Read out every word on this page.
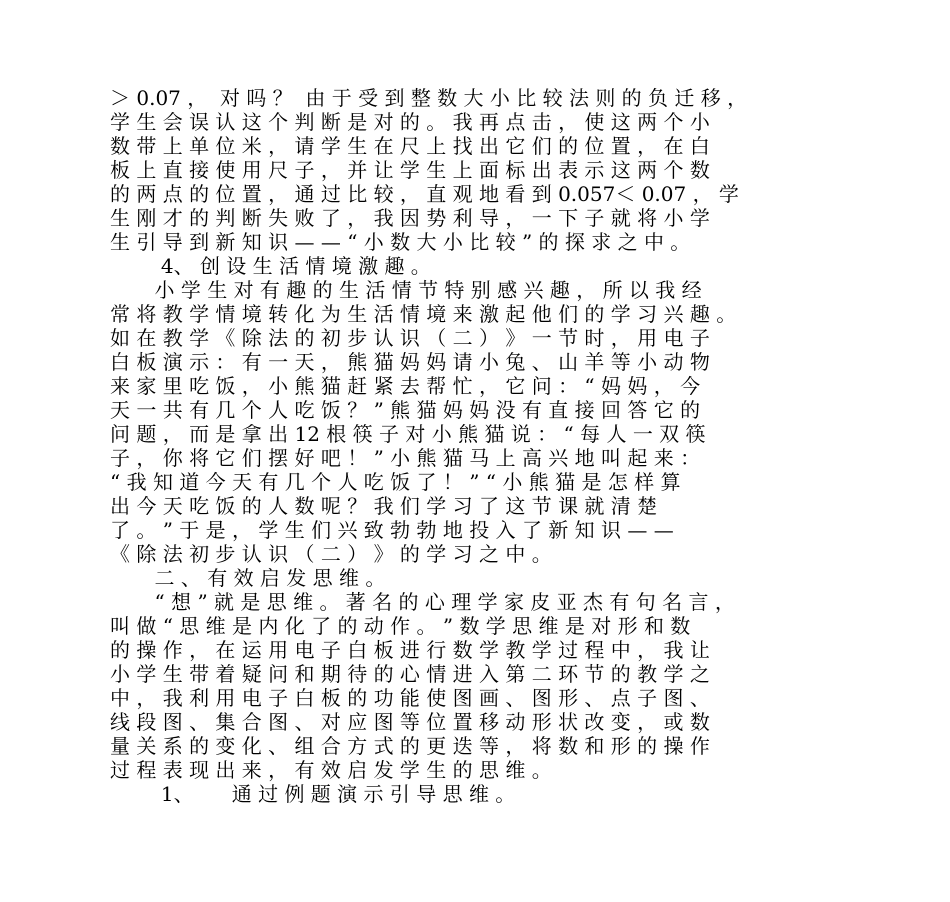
＞ 0.07 ，  对 吗 ？  由 于 受 到 整 数 大 小 比 较 法 则 的 负 迁 移 ，
学 生 会 误 认 这 个 判 断 是 对 的 。 我 再 点 击 ， 使 这 两 个 小
数 带 上 单 位 米 ， 请 学 生 在 尺 上 找 出 它 们 的 位 置 ， 在 白
板 上 直 接 使 用 尺 子 ， 并 让 学 生 上 面 标 出 表 示 这 两 个 数
的 两 点 的 位 置 ， 通 过 比 较 ， 直 观 地 看 到 0.057＜ 0.07 ， 学
生 刚 才 的 判 断 失 败 了 ， 我 因 势 利 导 ， 一 下 子 就 将 小 学
生 引 导 到 新 知 识 — — “ 小 数 大 小 比 较 ” 的 探 求 之 中 。
4、 创 设 生 活 情 境 激 趣 。
小 学 生 对 有 趣 的 生 活 情 节 特 别 感 兴 趣 ， 所 以 我 经
常 将 教 学 情 境 转 化 为 生 活 情 境 来 激 起 他 们 的 学 习 兴 趣 。
如 在 教 学 《 除 法 的 初 步 认 识 （ 二 ） 》 一 节 时 ， 用 电 子
白 板 演 示 ： 有 一 天 ， 熊 猫 妈 妈 请 小 兔 、 山 羊 等 小 动 物
来 家 里 吃 饭 ， 小 熊 猫 赶 紧 去 帮 忙 ， 它 问 ： “ 妈 妈 ， 今
天 一 共 有 几 个 人 吃 饭 ？ ” 熊 猫 妈 妈 没 有 直 接 回 答 它 的
问 题 ， 而 是 拿 出 12 根 筷 子 对 小 熊 猫 说 ： “ 每 人 一 双 筷
子 ， 你 将 它 们 摆 好 吧 ！ ” 小 熊 猫 马 上 高 兴 地 叫 起 来 ：
“ 我 知 道 今 天 有 几 个 人 吃 饭 了 ！ ” “ 小 熊 猫 是 怎 样 算
出 今 天 吃 饭 的 人 数 呢 ？ 我 们 学 习 了 这 节 课 就 清 楚
了 。 ” 于 是 ， 学 生 们 兴 致 勃 勃 地 投 入 了 新 知 识 — —
《 除 法 初 步 认 识 （ 二 ） 》 的 学 习 之 中 。
二 、 有 效 启 发 思 维 。
“ 想 ” 就 是 思 维 。 著 名 的 心 理 学 家 皮 亚 杰 有 句 名 言 ，
叫 做 “ 思 维 是 内 化 了 的 动 作 。 ” 数 学 思 维 是 对 形 和 数
的 操 作 ， 在 运 用 电 子 白 板 进 行 数 学 教 学 过 程 中 ， 我 让
小 学 生 带 着 疑 问 和 期 待 的 心 情 进 入 第 二 环 节 的 教 学 之
中 ， 我 利 用 电 子 白 板 的 功 能 使 图 画 、 图 形 、 点 子 图 、
线 段 图 、 集 合 图 、 对 应 图 等 位 置 移 动 形 状 改 变 ， 或 数
量 关 系 的 变 化 、 组 合 方 式 的 更 迭 等 ， 将 数 和 形 的 操 作
过 程 表 现 出 来 ， 有 效 启 发 学 生 的 思 维 。
1、      通 过 例 题 演 示 引 导 思 维 。
